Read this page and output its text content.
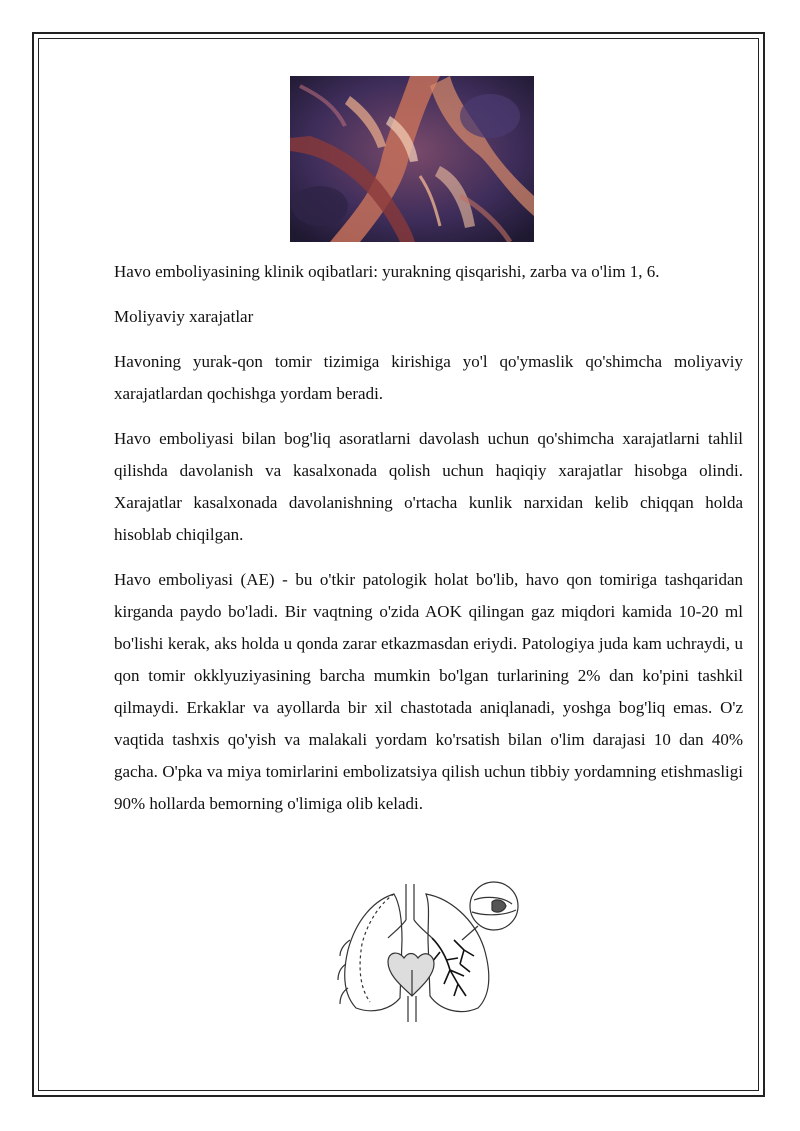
Havo emboliyasining klinik oqibatlari: yurakning qisqarishi, zarba va o'lim 1, 6.

Moliyaviy xarajatlar

Havoning yurak-qon tomir tizimiga kirishiga yo'l qo'ymaslik qo'shimcha moliyaviy xarajatlardan qochishga yordam beradi.

Havo emboliyasi bilan bog'liq asoratlarni davolash uchun qo'shimcha xarajatlarni tahlil qilishda davolanish va kasalxonada qolish uchun haqiqiy xarajatlar hisobga olindi. Xarajatlar kasalxonada davolanishning o'rtacha kunlik narxidan kelib chiqqan holda hisoblab chiqilgan.

Havo emboliyasi (AE) - bu o'tkir patologik holat bo'lib, havo qon tomiriga tashqaridan kirganda paydo bo'ladi. Bir vaqtning o'zida AOK qilingan gaz miqdori kamida 10-20 ml bo'lishi kerak, aks holda u qonda zarar etkazmasdan eriydi. Patologiya juda kam uchraydi, u qon tomir okklyuziyasining barcha mumkin bo'lgan turlarining 2% dan ko'pini tashkil qilmaydi. Erkaklar va ayollarda bir xil chastotada aniqlanadi, yoshga bog'liq emas. O'z vaqtida tashxis qo'yish va malakali yordam ko'rsatish bilan o'lim darajasi 10 dan 40% gacha. O'pka va miya tomirlarini embolizatsiya qilish uchun tibbiy yordamning etishmasligi 90% hollarda bemorning o'limiga olib keladi.
